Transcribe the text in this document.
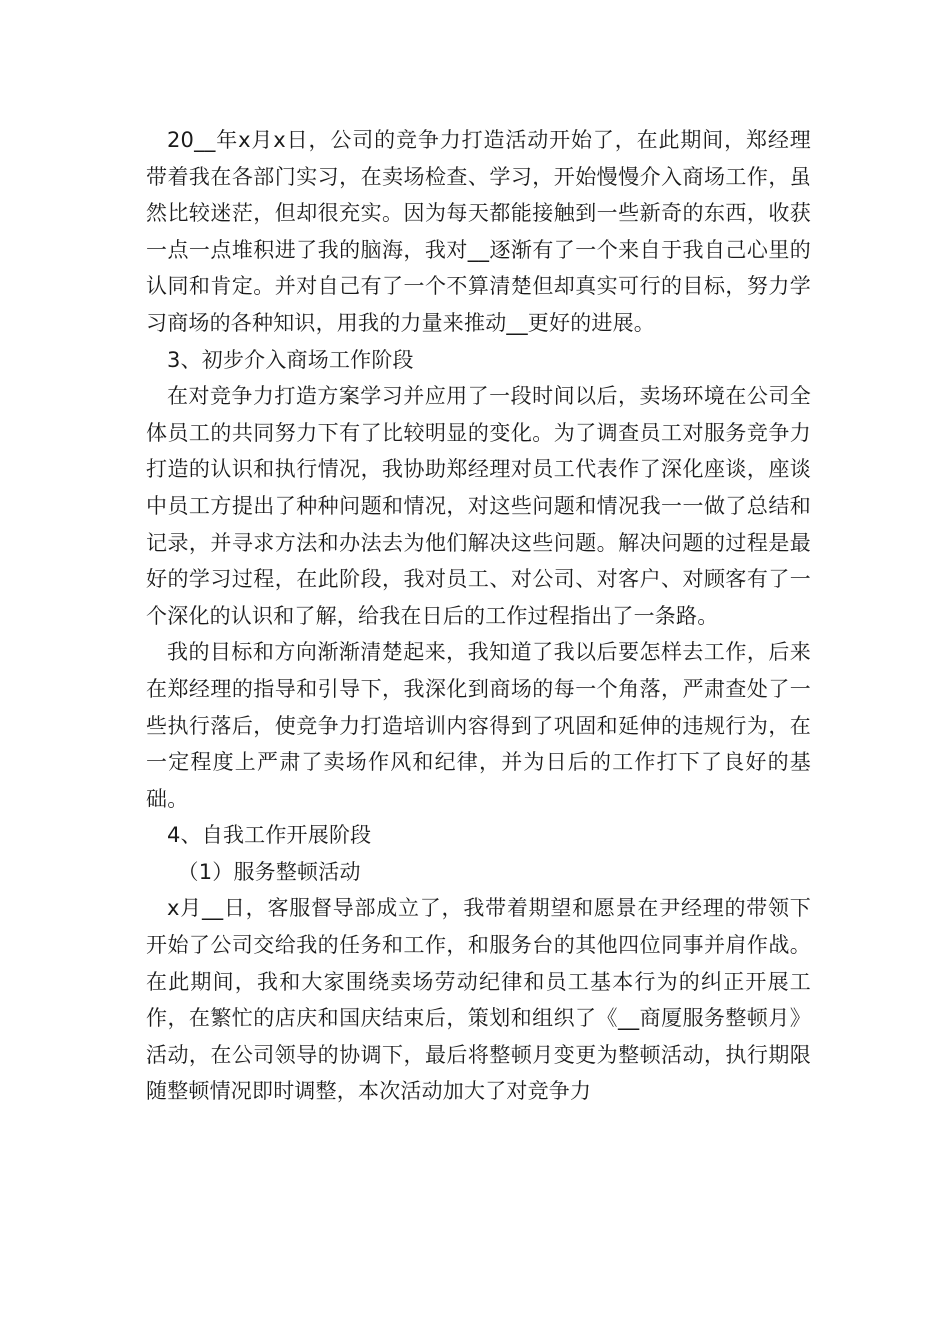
20__年x月x日，公司的竞争力打造活动开始了，在此期间，郑经理带着我在各部门实习，在卖场检查、学习，开始慢慢介入商场工作，虽然比较迷茫，但却很充实。因为每天都能接触到一些新奇的东西，收获一点一点堆积进了我的脑海，我对__逐渐有了一个来自于我自己心里的认同和肯定。并对自己有了一个不算清楚但却真实可行的目标，努力学习商场的各种知识，用我的力量来推动__更好的进展。

3、初步介入商场工作阶段

在对竞争力打造方案学习并应用了一段时间以后，卖场环境在公司全体员工的共同努力下有了比较明显的变化。为了调查员工对服务竞争力打造的认识和执行情况，我协助郑经理对员工代表作了深化座谈，座谈中员工方提出了种种问题和情况，对这些问题和情况我一一做了总结和记录，并寻求方法和办法去为他们解决这些问题。解决问题的过程是最好的学习过程，在此阶段，我对员工、对公司、对客户、对顾客有了一个深化的认识和了解，给我在日后的工作过程指出了一条路。

我的目标和方向渐渐清楚起来，我知道了我以后要怎样去工作，后来在郑经理的指导和引导下，我深化到商场的每一个角落，严肃查处了一些执行落后，使竞争力打造培训内容得到了巩固和延伸的违规行为，在一定程度上严肃了卖场作风和纪律，并为日后的工作打下了良好的基础。

4、自我工作开展阶段

（1）服务整顿活动

x月__日，客服督导部成立了，我带着期望和愿景在尹经理的带领下开始了公司交给我的任务和工作，和服务台的其他四位同事并肩作战。在此期间，我和大家围绕卖场劳动纪律和员工基本行为的纠正开展工作，在繁忙的店庆和国庆结束后，策划和组织了《__商厦服务整顿月》活动，在公司领导的协调下，最后将整顿月变更为整顿活动，执行期限随整顿情况即时调整，本次活动加大了对竞争力
